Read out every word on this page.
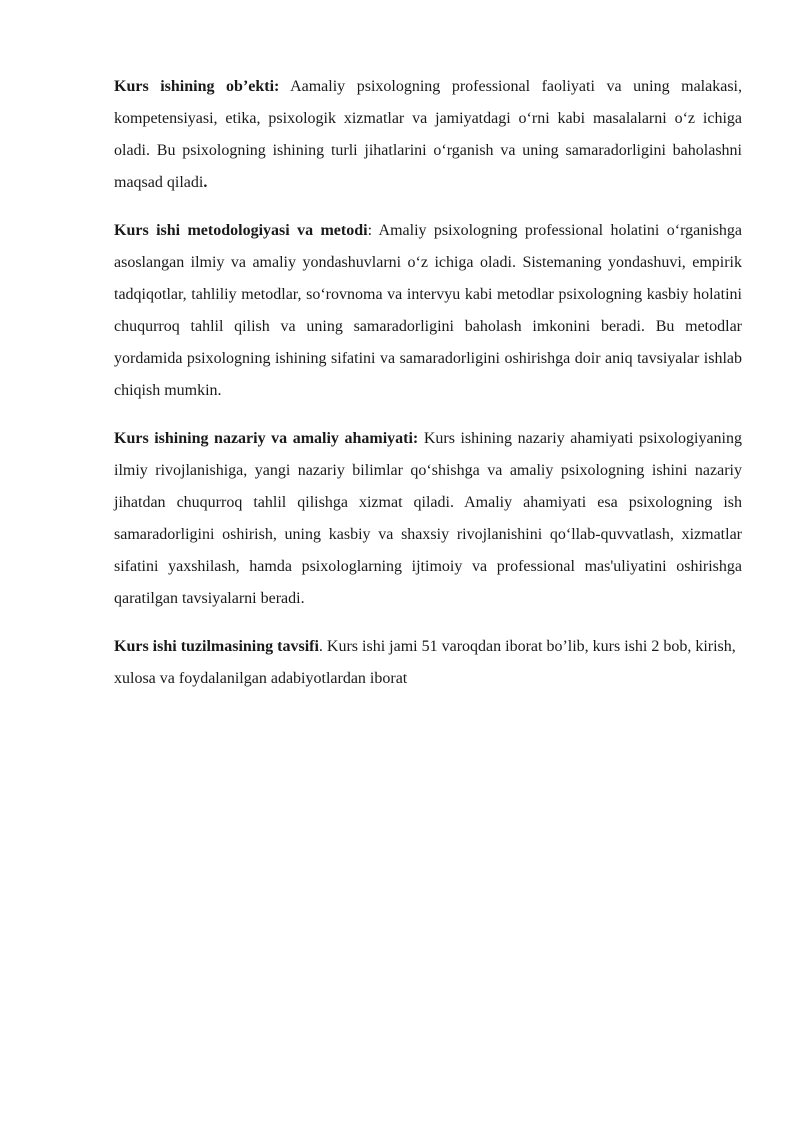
Kurs ishining ob’ekti: Aamaliy psixologning professional faoliyati va uning malakasi, kompetensiyasi, etika, psixologik xizmatlar va jamiyatdagi o‘rni kabi masalalarni o‘z ichiga oladi. Bu psixologning ishining turli jihatlarini o‘rganish va uning samaradorligini baholashni maqsad qiladi.

Kurs ishi metodologiyasi va metodi: Amaliy psixologning professional holatini o‘rganishga asoslangan ilmiy va amaliy yondashuvlarni o‘z ichiga oladi. Sistemaning yondashuvi, empirik tadqiqotlar, tahliliy metodlar, so‘rovnoma va intervyu kabi metodlar psixologning kasbiy holatini chuqurroq tahlil qilish va uning samaradorligini baholash imkonini beradi. Bu metodlar yordamida psixologning ishining sifatini va samaradorligini oshirishga doir aniq tavsiyalar ishlab chiqish mumkin.

Kurs ishining nazariy va amaliy ahamiyati: Kurs ishining nazariy ahamiyati psixologiyaning ilmiy rivojlanishiga, yangi nazariy bilimlar qo‘shishga va amaliy psixologning ishini nazariy jihatdan chuqurroq tahlil qilishga xizmat qiladi. Amaliy ahamiyati esa psixologning ish samaradorligini oshirish, uning kasbiy va shaxsiy rivojlanishini qo‘llab-quvvatlash, xizmatlar sifatini yaxshilash, hamda psixologlarning ijtimoiy va professional mas'uliyatini oshirishga qaratilgan tavsiyalarni beradi.

Kurs ishi tuzilmasining tavsifi. Kurs ishi jami 51 varoqdan iborat bo’lib, kurs ishi 2 bob, kirish, xulosa va foydalanilgan adabiyotlardan iborat
